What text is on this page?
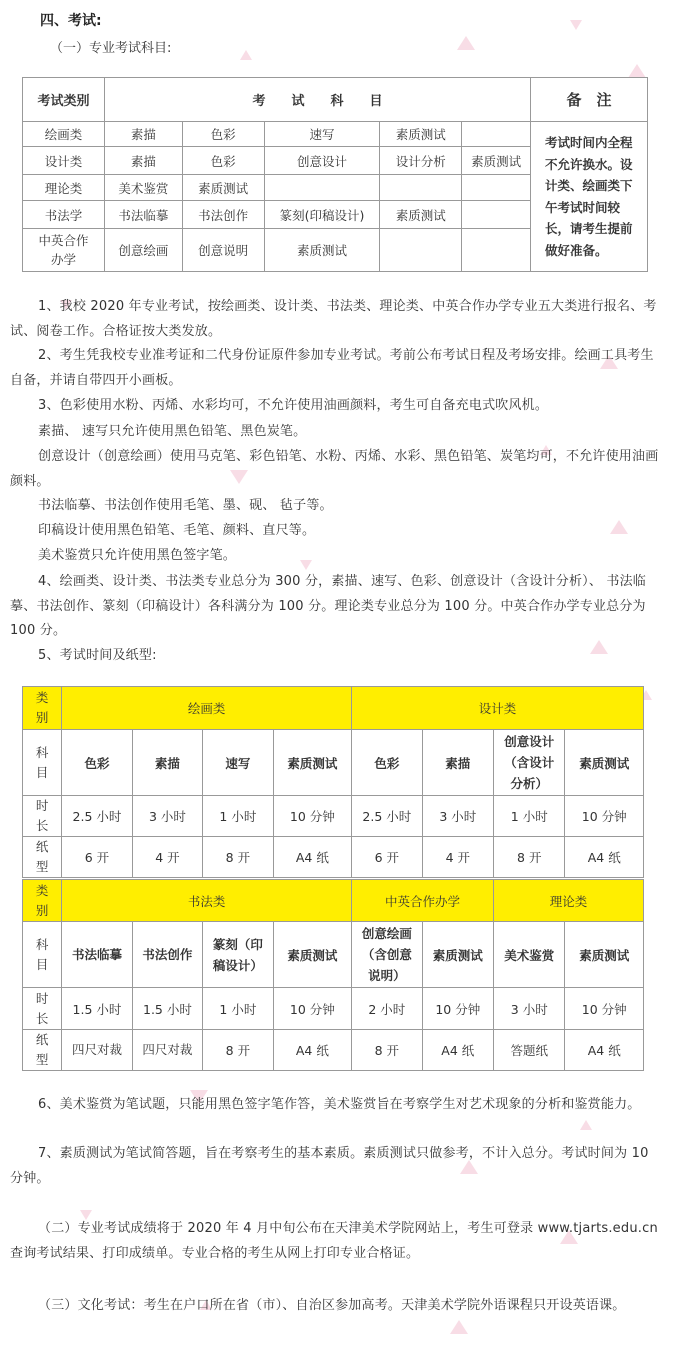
四、考试:
（一）专业考试科目:
考试类别	考　　试　　科　　目					备　注
绘画类	素描	色彩	速写	素质测试		考试时间内全程不允许换水。设计类、绘画类下午考试时间较长，请考生提前做好准备。

设计类	素描	色彩	创意设计	设计分析	素质测试	
理论类	美术鉴赏	素质测试				
书法学	书法临摹	书法创作	篆刻(印稿设计)	素质测试		

中英合作办学	创意绘画	创意说明	素质测试			

1、我校 2020 年专业考试，按绘画类、设计类、书法类、理论类、中英合作办学专业五大类进行报名、考试、阅卷工作。合格证按大类发放。

2、考生凭我校专业准考证和二代身份证原件参加专业考试。考前公布考试日程及考场安排。绘画工具考生自备，并请自带四开小画板。

3、色彩使用水粉、丙烯、水彩均可，不允许使用油画颜料，考生可自备充电式吹风机。

素描、 速写只允许使用黑色铅笔、黑色炭笔。

创意设计（创意绘画）使用马克笔、彩色铅笔、水粉、丙烯、水彩、黑色铅笔、炭笔均可，不允许使用油画颜料。

书法临摹、书法创作使用毛笔、墨、砚、 毡子等。

印稿设计使用黑色铅笔、毛笔、颜料、直尺等。

美术鉴赏只允许使用黑色签字笔。

4、绘画类、设计类、书法类专业总分为 300 分，素描、速写、色彩、创意设计（含设计分析）、 书法临摹、书法创作、篆刻（印稿设计）各科满分为 100 分。理论类专业总分为 100 分。中英合作办学专业总分为 100 分。

5、考试时间及纸型:

类别	绘画类				设计类			

科目	色彩	素描	速写	素质测试	色彩	素描	创意设计（含设计分析）	素质测试

时长	2.5 小时	3 小时	1 小时	10 分钟	2.5 小时	3 小时	1 小时	10 分钟

纸型	6 开	4 开	8 开	A4 纸	6 开	4 开	8 开	A4 纸
类别	书法类				中英合作办学		理论类	

科目	书法临摹	书法创作	篆刻（印稿设计）	素质测试	创意绘画（含创意说明）	素质测试	美术鉴赏	素质测试

时长	1.5 小时	1.5 小时	1 小时	10 分钟	2 小时	10 分钟	3 小时	10 分钟

纸型	四尺对裁	四尺对裁	8 开	A4 纸	8 开	A4 纸	答题纸	A4 纸

6、美术鉴赏为笔试题，只能用黑色签字笔作答，美术鉴赏旨在考察学生对艺术现象的分析和鉴赏能力。

7、素质测试为笔试简答题，旨在考察考生的基本素质。素质测试只做参考，不计入总分。考试时间为 10 分钟。

（二）专业考试成绩将于 2020 年 4 月中旬公布在天津美术学院网站上，考生可登录 www.tjarts.edu.cn 查询考试结果、打印成绩单。专业合格的考生从网上打印专业合格证。

（三）文化考试：考生在户口所在省（市）、自治区参加高考。天津美术学院外语课程只开设英语课。
